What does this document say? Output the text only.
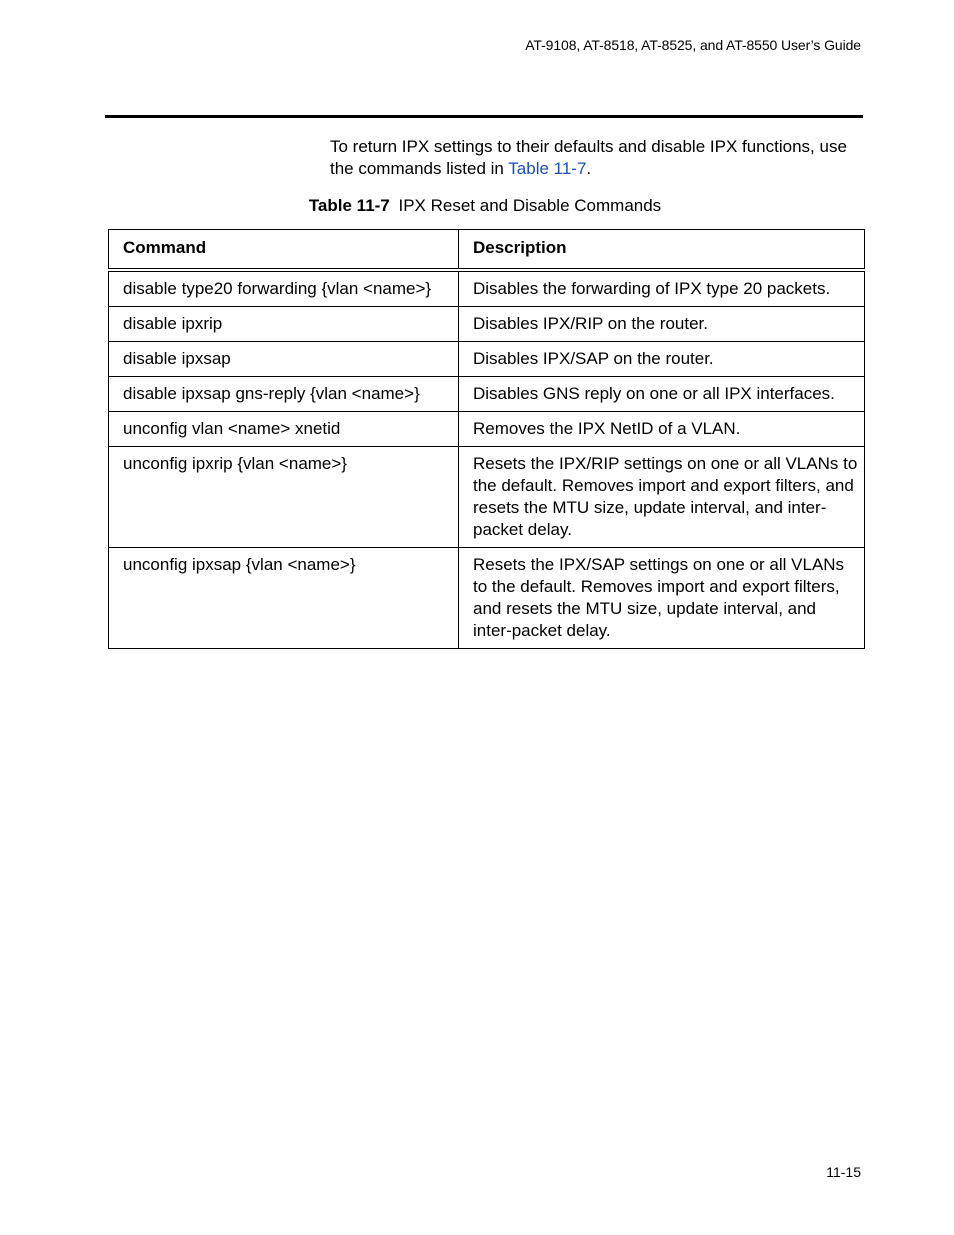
AT-9108, AT-8518, AT-8525, and AT-8550 User’s Guide

To return IPX settings to their defaults and disable IPX functions, use the commands listed in Table 11-7.

Table 11-7 IPX Reset and Disable Commands
Command	Description
disable type20 forwarding {vlan <name>}	Disables the forwarding of IPX type 20 packets.
disable ipxrip	Disables IPX/RIP on the router.
disable ipxsap	Disables IPX/SAP on the router.
disable ipxsap gns-reply {vlan <name>}	Disables GNS reply on one or all IPX interfaces.
unconfig vlan <name> xnetid	Removes the IPX NetID of a VLAN.
unconfig ipxrip {vlan <name>}	Resets the IPX/RIP settings on one or all VLANs to the default. Removes import and export filters, and resets the MTU size, update interval, and inter-packet delay.
unconfig ipxsap {vlan <name>}	Resets the IPX/SAP settings on one or all VLANs to the default. Removes import and export filters, and resets the MTU size, update interval, and inter-packet delay.
11-15
